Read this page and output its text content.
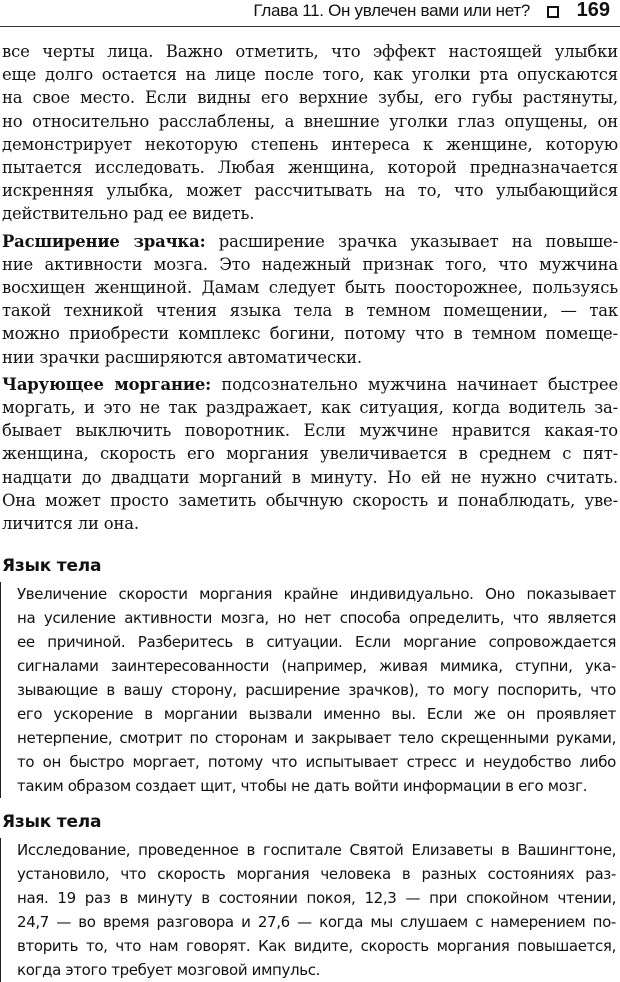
Глава 11. Он увлечен вами или нет? 169
все черты лица. Важно отметить, что эффект настоящей улыбки
еще долго остается на лице после того, как уголки рта опускаются
на свое место. Если видны его верхние зубы, его губы растянуты,
но относительно расслаблены, а внешние уголки глаз опущены, он
демонстрирует некоторую степень интереса к женщине, которую
пытается исследовать. Любая женщина, которой предназначается
искренняя улыбка, может рассчитывать на то, что улыбающийся
действительно рад ее видеть.
Расширение зрачка: расширение зрачка указывает на повыше-
ние активности мозга. Это надежный признак того, что мужчина
восхищен женщиной. Дамам следует быть поосторожнее, пользуясь
такой техникой чтения языка тела в темном помещении, — так
можно приобрести комплекс богини, потому что в темном помеще-
нии зрачки расширяются автоматически.
Чарующее моргание: подсознательно мужчина начинает быстрее
моргать, и это не так раздражает, как ситуация, когда водитель за-
бывает выключить поворотник. Если мужчине нравится какая-то
женщина, скорость его моргания увеличивается в среднем с пят-
надцати до двадцати морганий в минуту. Но ей не нужно считать.
Она может просто заметить обычную скорость и понаблюдать, уве-
личится ли она.
Язык тела
Увеличение скорости моргания крайне индивидуально. Оно показывает
на усиление активности мозга, но нет способа определить, что является
ее причиной. Разберитесь в ситуации. Если моргание сопровождается
сигналами заинтересованности (например, живая мимика, ступни, ука-
зывающие в вашу сторону, расширение зрачков), то могу поспорить, что
его ускорение в моргании вызвали именно вы. Если же он проявляет
нетерпение, смотрит по сторонам и закрывает тело скрещенными руками,
то он быстро моргает, потому что испытывает стресс и неудобство либо
таким образом создает щит, чтобы не дать войти информации в его мозг.
Язык тела
Исследование, проведенное в госпитале Святой Елизаветы в Вашингтоне,
установило, что скорость моргания человека в разных состояниях раз-
ная. 19 раз в минуту в состоянии покоя, 12,3 — при спокойном чтении,
24,7 — во время разговора и 27,6 — когда мы слушаем с намерением по-
вторить то, что нам говорят. Как видите, скорость моргания повышается,
когда этого требует мозговой импульс.
